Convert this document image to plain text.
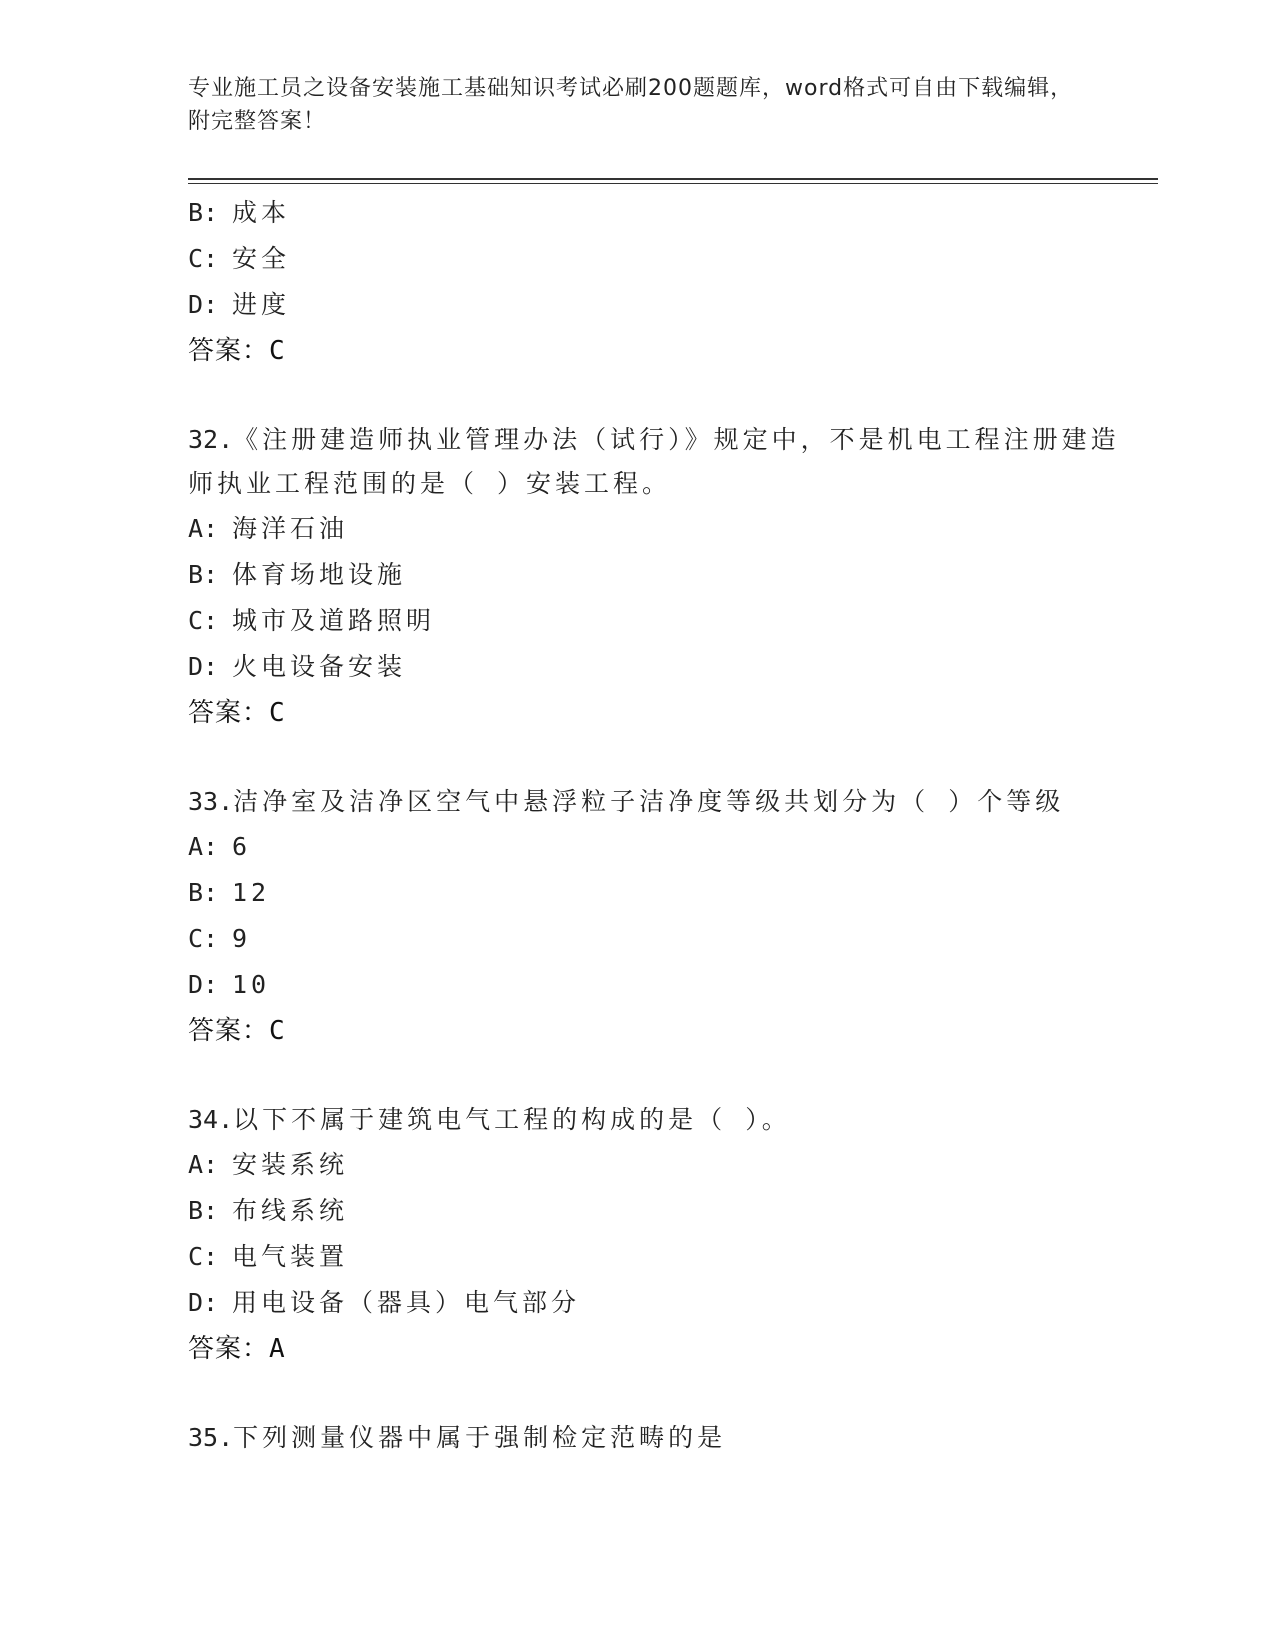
专业施工员之设备安装施工基础知识考试必刷200题题库，word格式可自由下载编辑，附完整答案！
B: 成本
C: 安全
D: 进度
答案：C
32.《注册建造师执业管理办法（试行）》规定中，不是机电工程注册建造师执业工程范围的是（ ）安装工程。
A: 海洋石油
B: 体育场地设施
C: 城市及道路照明
D: 火电设备安装
答案：C
33.洁净室及洁净区空气中悬浮粒子洁净度等级共划分为（ ）个等级
A: 6
B: 12
C: 9
D: 10
答案：C
34.以下不属于建筑电气工程的构成的是（ ）。
A: 安装系统
B: 布线系统
C: 电气装置
D: 用电设备（器具）电气部分
答案：A
35.下列测量仪器中属于强制检定范畴的是
